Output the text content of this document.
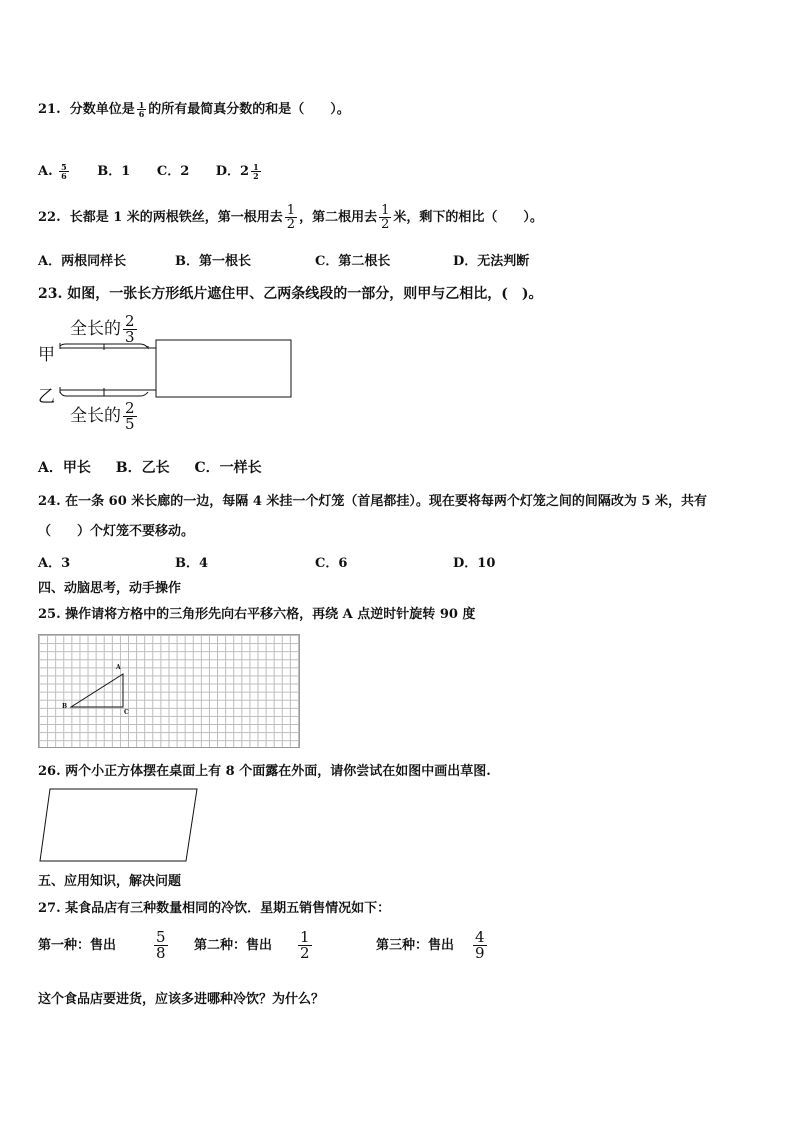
21. 分数单位是 $\frac{1}{6}$ 的所有最简真分数的和是（　　）。
A. $\frac{5}{6}$ B．1 C．2 D．$2 \frac{1}{2}$
22. 长都是 1 米的两根铁丝，第一根用去 $\frac{1}{2}$ ，第二根用去 $\frac{1}{2}$ 米，剩下的相比（　　）。
A．两根同样长	B．第一根长	C．第二根长	D．无法判断
23. 如图，一张长方形纸片遮住甲、乙两条线段的一部分，则甲与乙相比，(　)。
全长的 $\frac{2}{3}$
甲
乙
全长的 $\frac{2}{5}$
A．甲长 B．乙长 C．一样长
24. 在一条 60 米长廊的一边，每隔 4 米挂一个灯笼（首尾都挂）。现在要将每两个灯笼之间的间隔改为 5 米，共有
（　　）个灯笼不要移动。
A．3	B．4	C．6	D．10
四、动脑思考，动手操作
25. 操作请将方格中的三角形先向右平移六格，再绕 A 点逆时针旋转 90 度
A
B
C
26. 两个小正方体摆在桌面上有 8 个面露在外面，请你尝试在如图中画出草图.
五、应用知识，解决问题
27. 某食品店有三种数量相同的冷饮．星期五销售情况如下：
第一种：售出	$\frac{5}{8}$ 第二种：售出 $\frac{1}{2}$	第三种：售出 $\frac{4}{9}$
这个食品店要进货，应该多进哪种冷饮？为什么？
